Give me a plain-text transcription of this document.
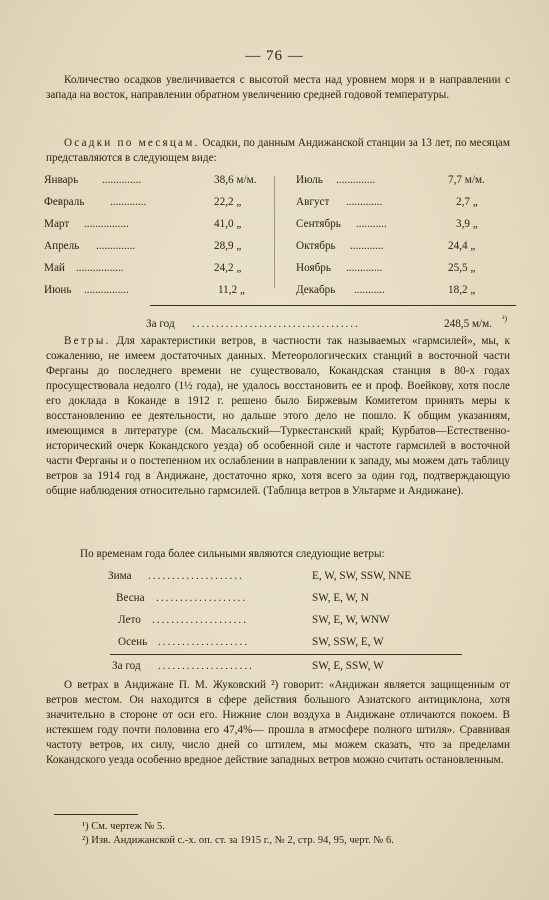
— 76 —
Количество осадков увеличивается с высотой места над уровнем моря и в направлении с запада на восток, направлении обратном увеличению средней годовой температуры.
Осадки по месяцам. Осадки, по данным Андижанской станции за 13 лет, по месяцам представляются в следующем виде:
Январь ..............	38,6 м/м.	Июль ..............	7,7 м/м.
Февраль .............	22,2 „	Август .............	2,7 „
Март ................	41,0 „	Сентябрь ...........	3,9 „
Апрель ..............	28,9 „	Октябрь ............	24,4 „
Май .................	24,2 „	Ноябрь .............	25,5 „
Июнь ................	11,2 „	Декабрь ...........	18,2 „
За год ...................................	248,5 м/м. ¹)
Ветры. Для характеристики ветров, в частности так называемых «гармсилей», мы, к сожалению, не имеем достаточных данных. Метеорологических станций в восточной части Ферганы до последнего времени не существовало, Кокандская станция в 80-х годах просуществовала недолго (1½ года), не удалось восстановить ее и проф. Воейкову, хотя после его доклада в Коканде в 1912 г. решено было Биржевым Комитетом принять меры к восстановлению ее деятельности, но дальше этого дело не пошло. К общим указаниям, имеющимся в литературе (см. Масальский—Туркестанский край; Курбатов—Естественно-исторический очерк Кокандского уезда) об особенной силе и частоте гармсилей в восточной части Ферганы и о постепенном их ослаблении в направлении к западу, мы можем дать таблицу ветров за 1914 год в Андижане, достаточно ярко, хотя всего за один год, подтверждающую общие наблюдения относительно гармсилей. (Таблица ветров в Ультарме и Андижане).
По временам года более сильными являются следующие ветры:
Зима ....................	E, W, SW, SSW, NNE
Весна ...................	SW, E, W, N
Лето ....................	SW, E, W, WNW
Осень ...................	SW, SSW, E, W
За год ....................	SW, E, SSW, W
О ветрах в Андижане П. М. Жуковский ²) говорит: «Андижан является защищенным от ветров местом. Он находится в сфере действия большого Азиатского антициклона, хотя значительно в стороне от оси его. Нижние слои воздуха в Андижане отличаются покоем. В истекшем году почти половина его 47,4%— прошла в атмосфере полного штиля». Сравнивая частоту ветров, их силу, число дней со штилем, мы можем сказать, что за пределами Кокандского уезда особенно вредное действие западных ветров можно считать остановленным.
¹) См. чертеж № 5.
²) Изв. Андижанской с.-х. оп. ст. за 1915 г., № 2, стр. 94, 95, черт. № 6.
